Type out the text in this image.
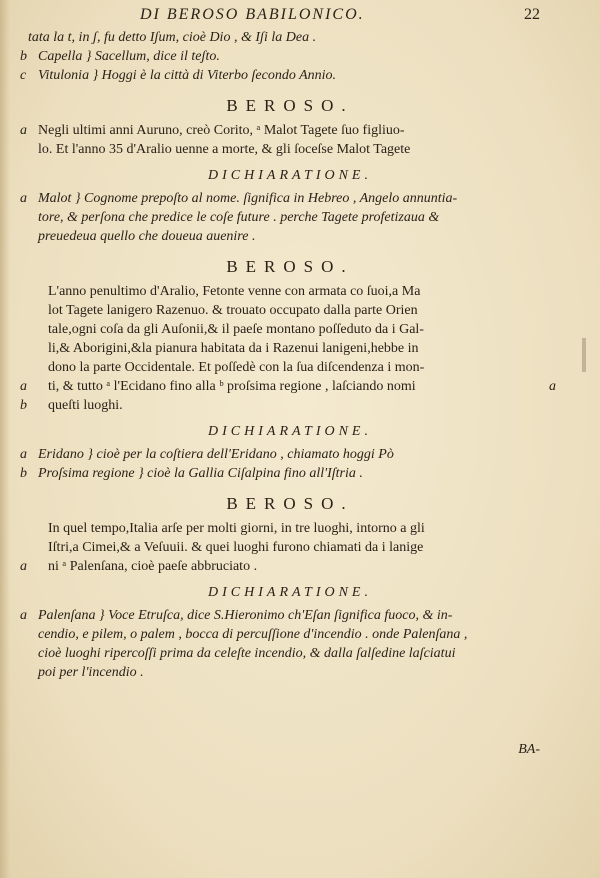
DI BEROSO BABILONICO.	22
tata la t, in ʃ, fu detto Iʃum, cioè Dio , & Iʃi la Dea .
b Capella } Sacellum, dice il teʃto.
c Vitulonia } Hoggi è la città di Viterbo ſecondo Annio.
BEROSO.
a Negli ultimi anni Auruno, creò Corito, ᵃ Malot Tagete ſuo figliuo-
lo. Et l'anno 35 d'Aralio uenne a morte, & gli ſoceſse Malot Tagete
DICHIARATIONE.
a Malot } Cognome prepoſto al nome. ſignifica in Hebreo , Angelo annuntia-
tore, & perſona che predice le coſe future . perche Tagete profetizaua &
preuedeua quello che doueua auenire .
BEROSO.
L'anno penultimo d'Aralio, Fetonte venne con armata co ſuoi,a Ma
lot Tagete lanigero Razenuo. & trouato occupato dalla parte Orien
tale,ogni coſa da gli Auſonii,& il paeſe montano poſſeduto da i Gal-
li,& Aborigini,&la pianura habitata da i Razenui lanigeni,hebbe in
dono la parte Occidentale. Et poſſedè con la ſua diſcendenza i mon-
a	ti, & tutto ᵃ l'Ecidano fino alla ᵇ proſsima regione , laſciando nomi	a
b	queſti luoghi.
DICHIARATIONE.
a Eridano } cioè per la coſtiera dell'Eridano , chiamato hoggi Pò
b Proſsima regione } cioè la Gallia Ciſalpina fino all'Iſtria .
BEROSO.
In quel tempo,Italia arſe per molti giorni, in tre luoghi, intorno a gli
Iſtri,a Cimei,& a Veſuuii. & quei luoghi furono chiamati da i lanige
a	ni ᵃ Palenſana, cioè paeſe abbruciato .
DICHIARATIONE.
a Palenſana } Voce Etruſca, dice S.Hieronimo ch'Eſan ſignifica fuoco, & in-
cendio, e pilem, o palem , bocca di percuſſione d'incendio . onde Palenſana ,
cioè luoghi ripercoſſi prima da celeſte incendio, & dalla ſalſedine laſciatui
poi per l'incendio .
BA-
